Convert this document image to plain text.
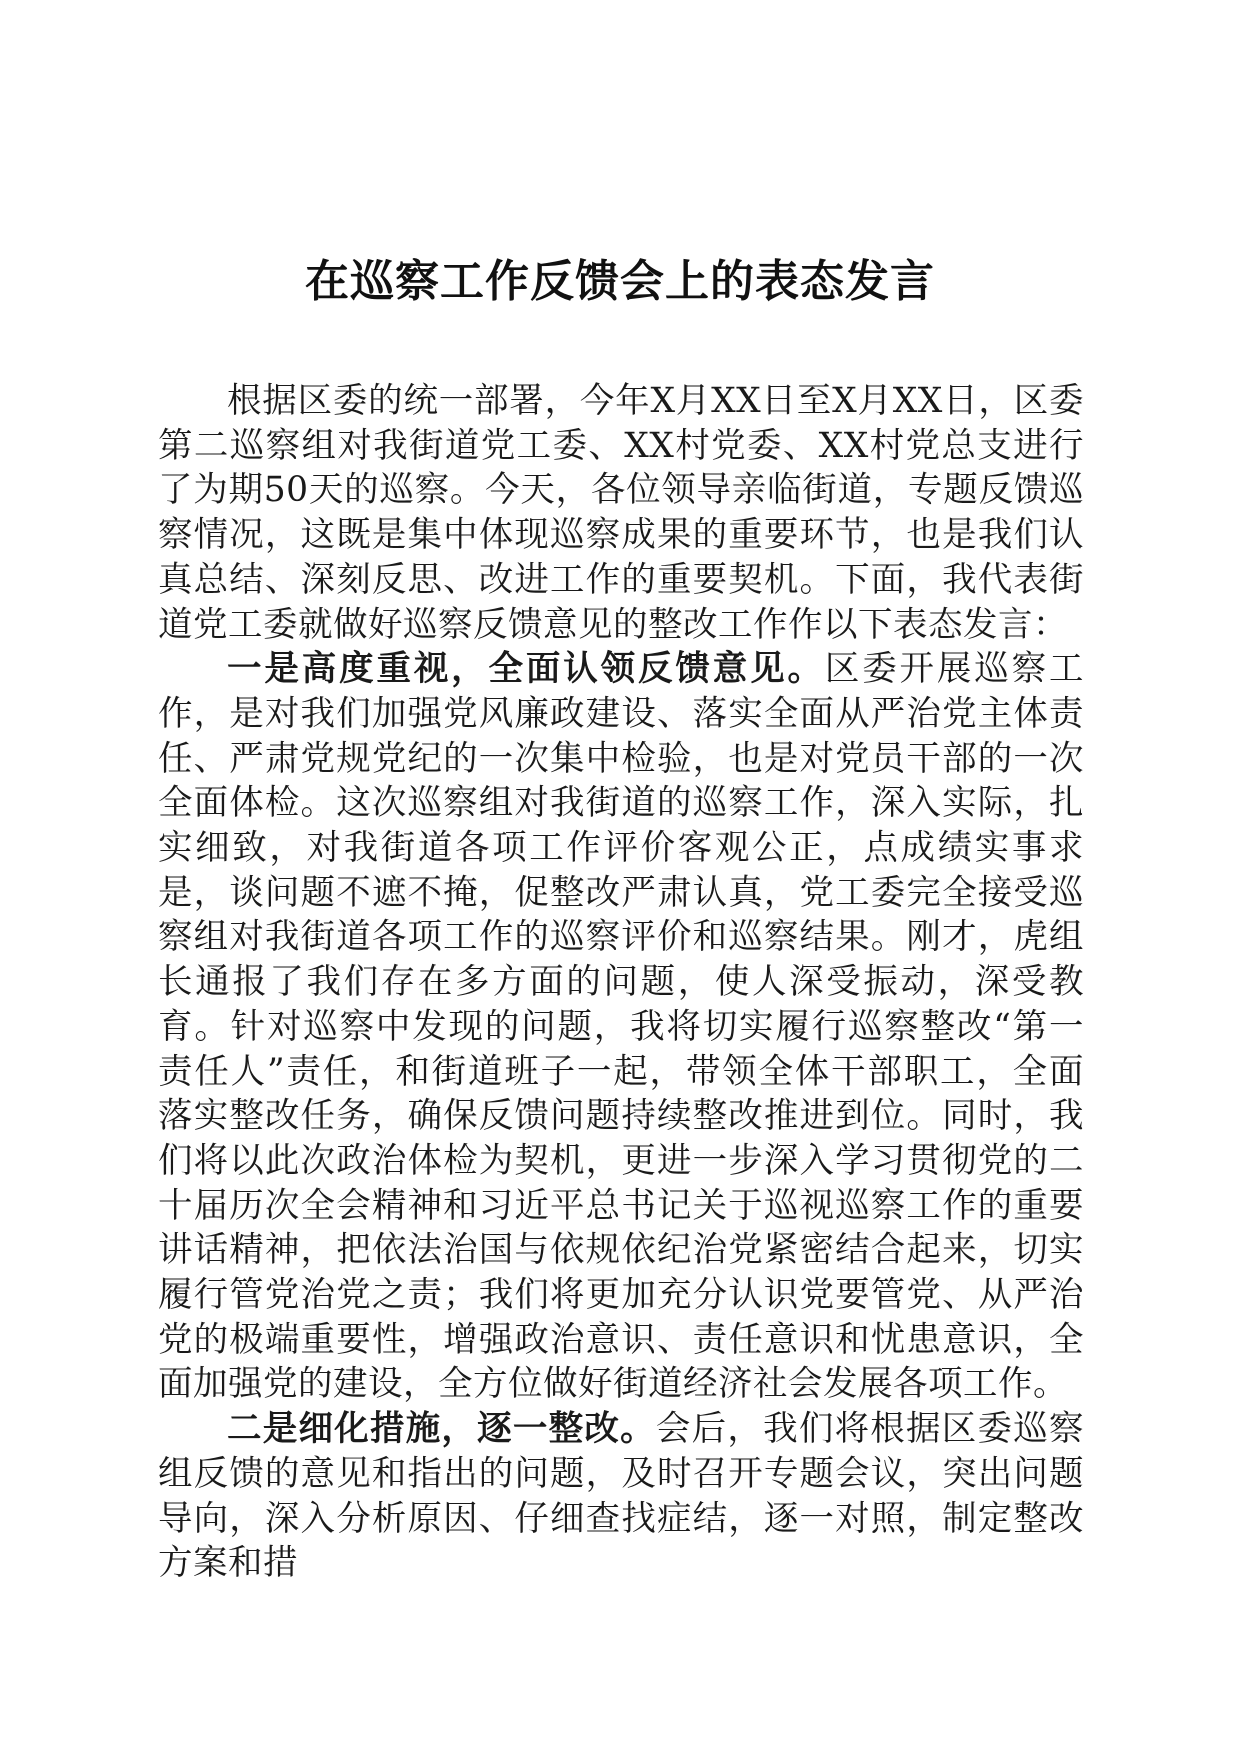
在巡察工作反馈会上的表态发言

根据区委的统一部署，今年X月XX日至X月XX日，区委第二巡察组对我街道党工委、XX村党委、XX村党总支进行了为期50天的巡察。今天，各位领导亲临街道，专题反馈巡察情况，这既是集中体现巡察成果的重要环节，也是我们认真总结、深刻反思、改进工作的重要契机。下面，我代表街道党工委就做好巡察反馈意见的整改工作作以下表态发言：

一是高度重视，全面认领反馈意见。区委开展巡察工作，是对我们加强党风廉政建设、落实全面从严治党主体责任、严肃党规党纪的一次集中检验，也是对党员干部的一次全面体检。这次巡察组对我街道的巡察工作，深入实际，扎实细致，对我街道各项工作评价客观公正，点成绩实事求是，谈问题不遮不掩，促整改严肃认真，党工委完全接受巡察组对我街道各项工作的巡察评价和巡察结果。刚才，虎组长通报了我们存在多方面的问题，使人深受振动，深受教育。针对巡察中发现的问题，我将切实履行巡察整改“第一责任人”责任，和街道班子一起，带领全体干部职工，全面落实整改任务，确保反馈问题持续整改推进到位。同时，我们将以此次政治体检为契机，更进一步深入学习贯彻党的二十届历次全会精神和习近平总书记关于巡视巡察工作的重要讲话精神，把依法治国与依规依纪治党紧密结合起来，切实履行管党治党之责；我们将更加充分认识党要管党、从严治党的极端重要性，增强政治意识、责任意识和忧患意识，全面加强党的建设，全方位做好街道经济社会发展各项工作。

二是细化措施，逐一整改。会后，我们将根据区委巡察组反馈的意见和指出的问题，及时召开专题会议，突出问题导向，深入分析原因、仔细查找症结，逐一对照，制定整改方案和措
